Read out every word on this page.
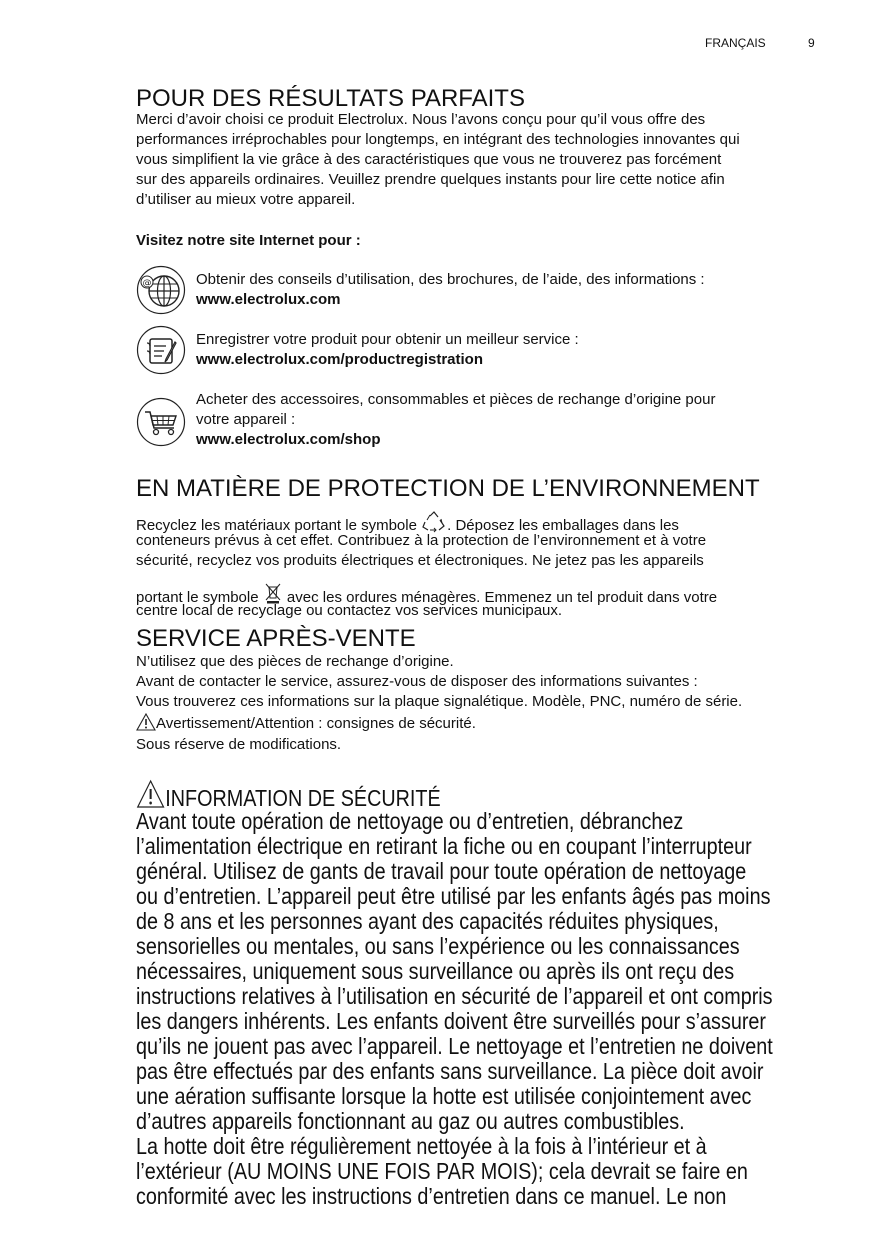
FRANÇAIS	9
POUR DES RÉSULTATS PARFAITS
Merci d’avoir choisi ce produit Electrolux. Nous l’avons conçu pour qu’il vous offre des
performances irréprochables pour longtemps, en intégrant des technologies innovantes qui
vous simplifient la vie grâce à des caractéristiques que vous ne trouverez pas forcément
sur des appareils ordinaires. Veuillez prendre quelques instants pour lire cette notice afin
d’utiliser au mieux votre appareil.
Visitez notre site Internet pour :
@	Obtenir des conseils d’utilisation, des brochures, de l’aide, des informations :
www.electrolux.com
Enregistrer votre produit pour obtenir un meilleur service :
www.electrolux.com/productregistration
Acheter des accessoires, consommables et pièces de rechange d’origine pour
votre appareil :
www.electrolux.com/shop
EN MATIÈRE DE PROTECTION DE L’ENVIRONNEMENT
Recyclez les matériaux portant le symbole . Déposez les emballages dans les
conteneurs prévus à cet effet. Contribuez à la protection de l’environnement et à votre
sécurité, recyclez vos produits électriques et électroniques. Ne jetez pas les appareils
portant le symbole avec les ordures ménagères. Emmenez un tel produit dans votre
centre local de recyclage ou contactez vos services municipaux.
SERVICE APRÈS-VENTE
N’utilisez que des pièces de rechange d’origine.
Avant de contacter le service, assurez-vous de disposer des informations suivantes :
Vous trouverez ces informations sur la plaque signalétique. Modèle, PNC, numéro de série.
Avertissement/Attention : consignes de sécurité.
Sous réserve de modifications.
INFORMATION DE SÉCURITÉ
Avant toute opération de nettoyage ou d’entretien, débranchez
l’alimentation électrique en retirant la fiche ou en coupant l’interrupteur
général. Utilisez de gants de travail pour toute opération de nettoyage
ou d’entretien. L’appareil peut être utilisé par les enfants âgés pas moins
de 8 ans et les personnes ayant des capacités réduites physiques,
sensorielles ou mentales, ou sans l’expérience ou les connaissances
nécessaires, uniquement sous surveillance ou après ils ont reçu des
instructions relatives à l’utilisation en sécurité de l’appareil et ont compris
les dangers inhérents. Les enfants doivent être surveillés pour s’assurer
qu’ils ne jouent pas avec l’appareil. Le nettoyage et l’entretien ne doivent
pas être effectués par des enfants sans surveillance. La pièce doit avoir
une aération suffisante lorsque la hotte est utilisée conjointement avec
d’autres appareils fonctionnant au gaz ou autres combustibles.
La hotte doit être régulièrement nettoyée à la fois à l’intérieur et à
l’extérieur (AU MOINS UNE FOIS PAR MOIS); cela devrait se faire en
conformité avec les instructions d’entretien dans ce manuel. Le non
